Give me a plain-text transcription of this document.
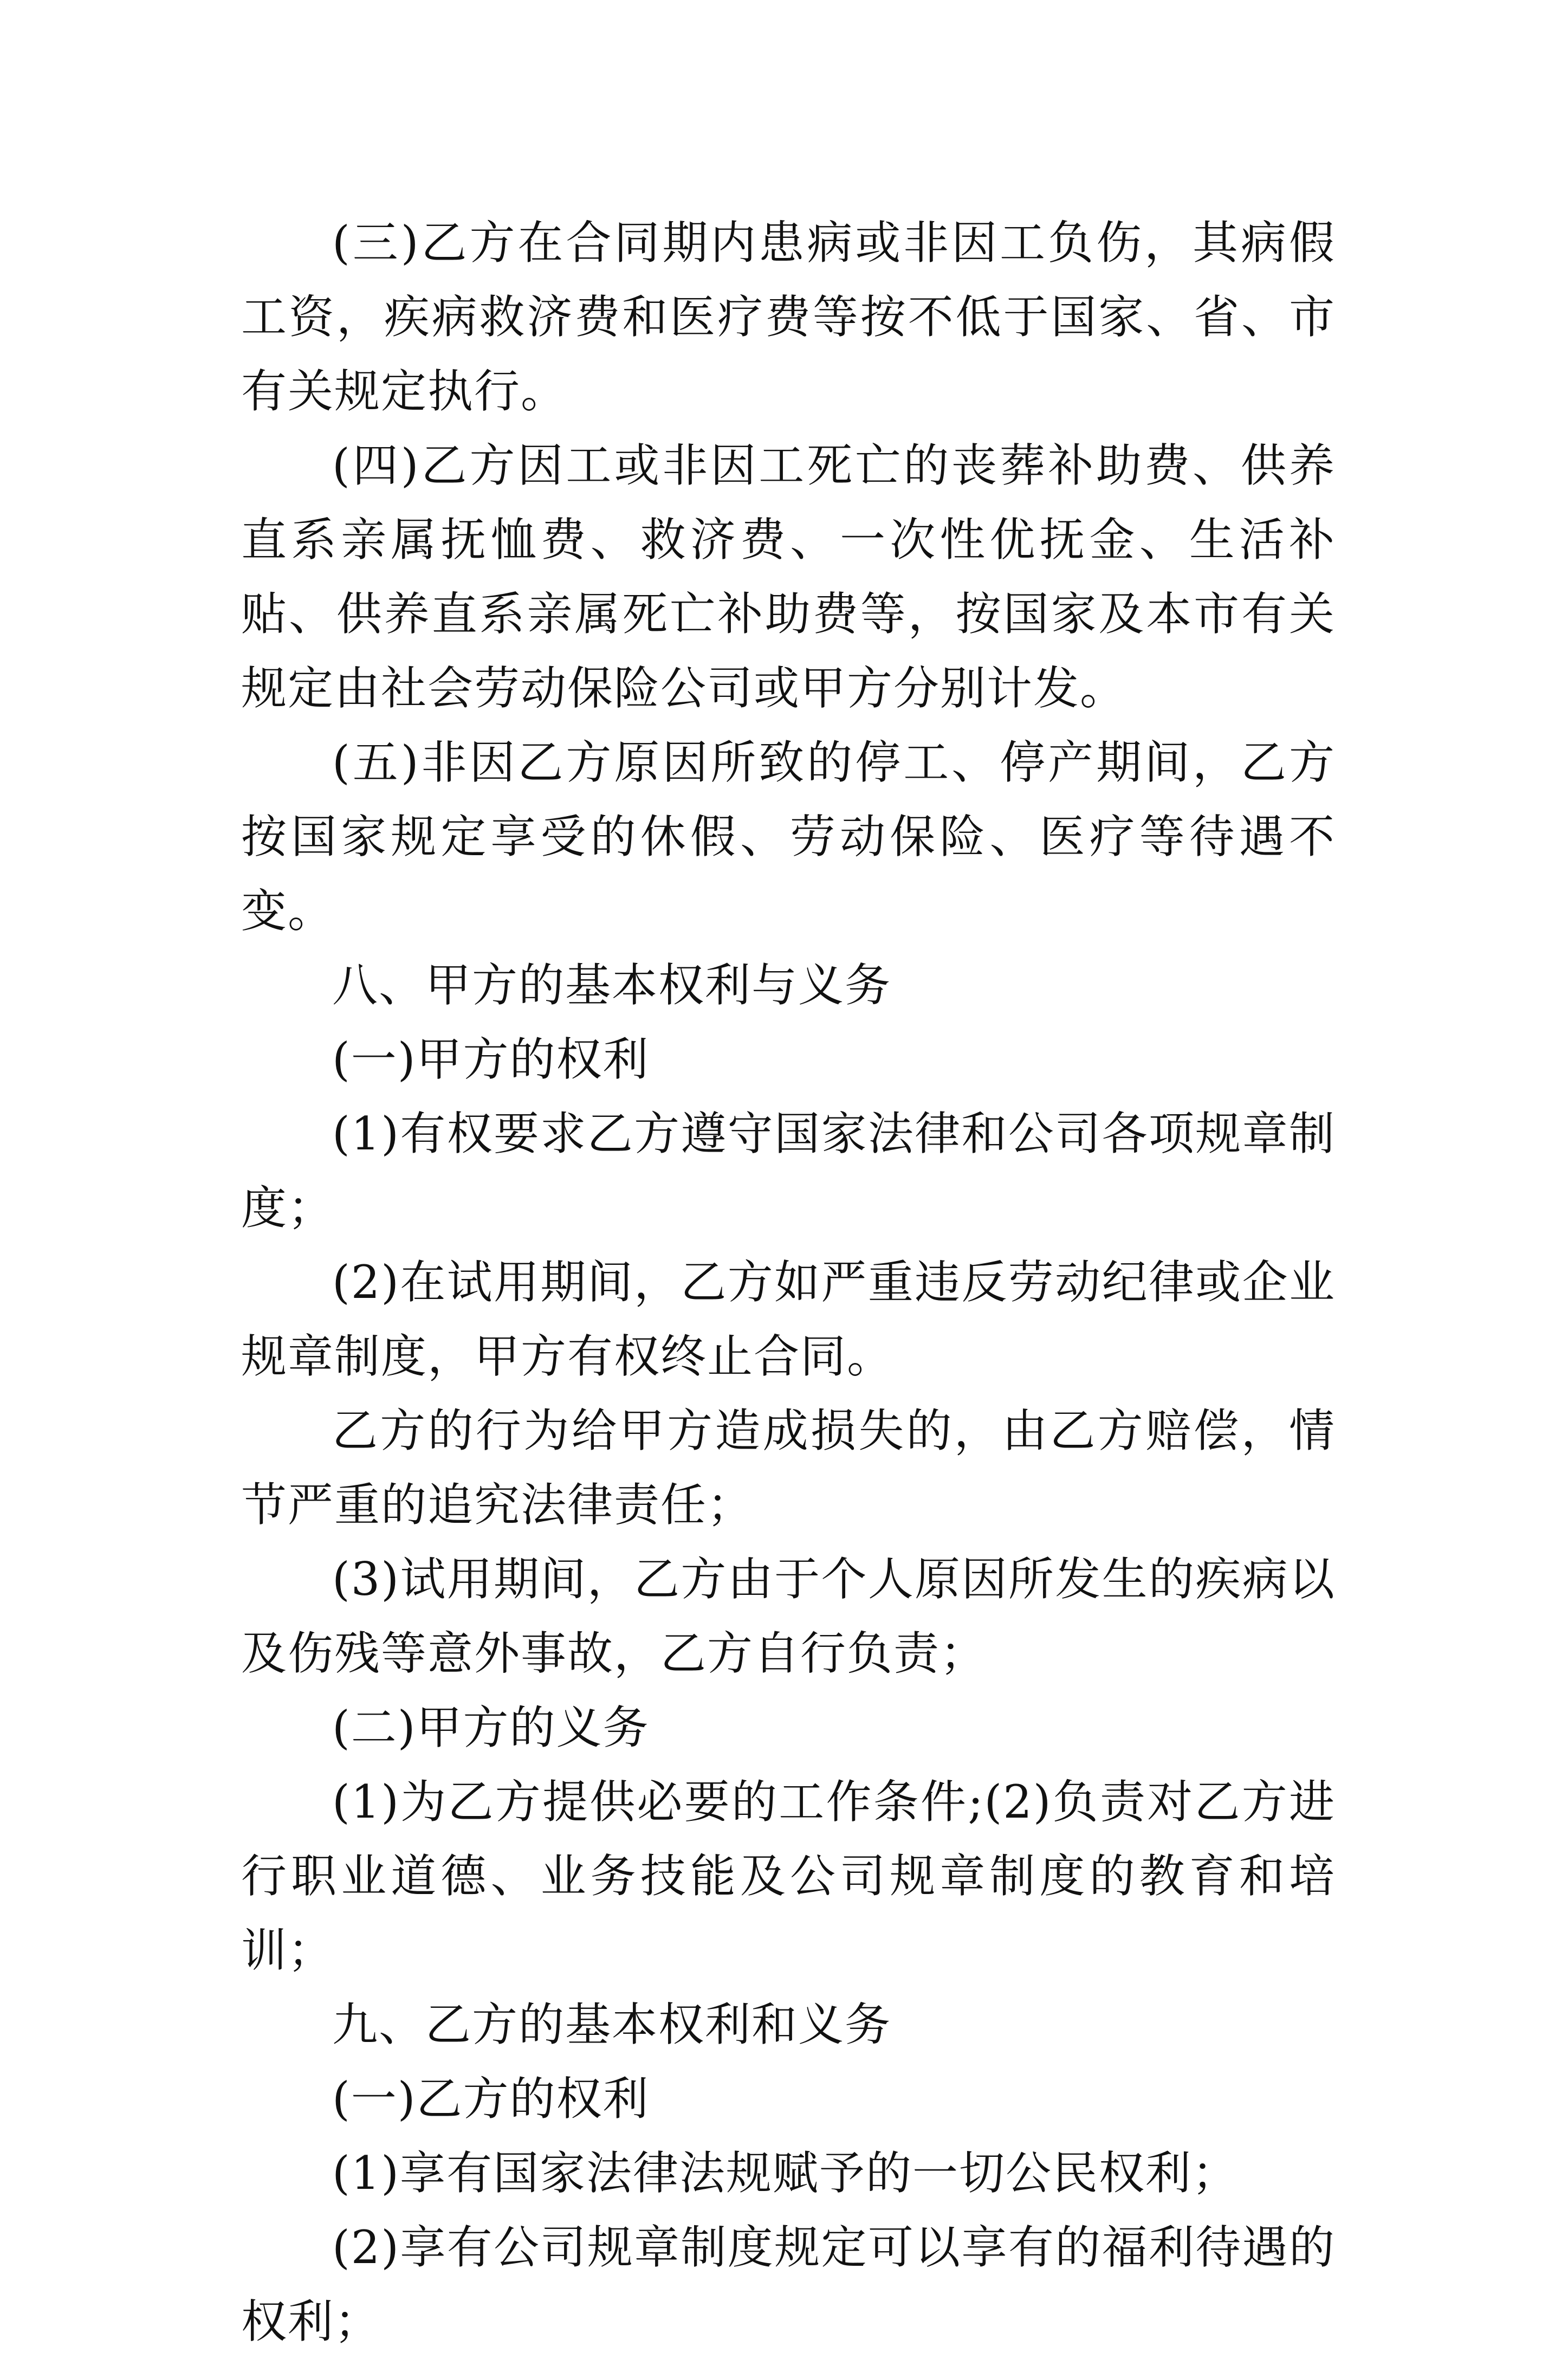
(三)乙方在合同期内患病或非因工负伤，其病假工资，疾病救济费和医疗费等按不低于国家、省、市有关规定执行。

(四)乙方因工或非因工死亡的丧葬补助费、供养直系亲属抚恤费、救济费、一次性优抚金、生活补贴、供养直系亲属死亡补助费等，按国家及本市有关规定由社会劳动保险公司或甲方分别计发。

(五)非因乙方原因所致的停工、停产期间，乙方按国家规定享受的休假、劳动保险、医疗等待遇不变。

八、甲方的基本权利与义务

(一)甲方的权利

(1)有权要求乙方遵守国家法律和公司各项规章制度；

(2)在试用期间，乙方如严重违反劳动纪律或企业规章制度，甲方有权终止合同。

乙方的行为给甲方造成损失的，由乙方赔偿，情节严重的追究法律责任；

(3)试用期间，乙方由于个人原因所发生的疾病以及伤残等意外事故，乙方自行负责；

(二)甲方的义务

(1)为乙方提供必要的工作条件;(2)负责对乙方进行职业道德、业务技能及公司规章制度的教育和培训；

九、乙方的基本权利和义务

(一)乙方的权利

(1)享有国家法律法规赋予的一切公民权利；

(2)享有公司规章制度规定可以享有的福利待遇的权利；
